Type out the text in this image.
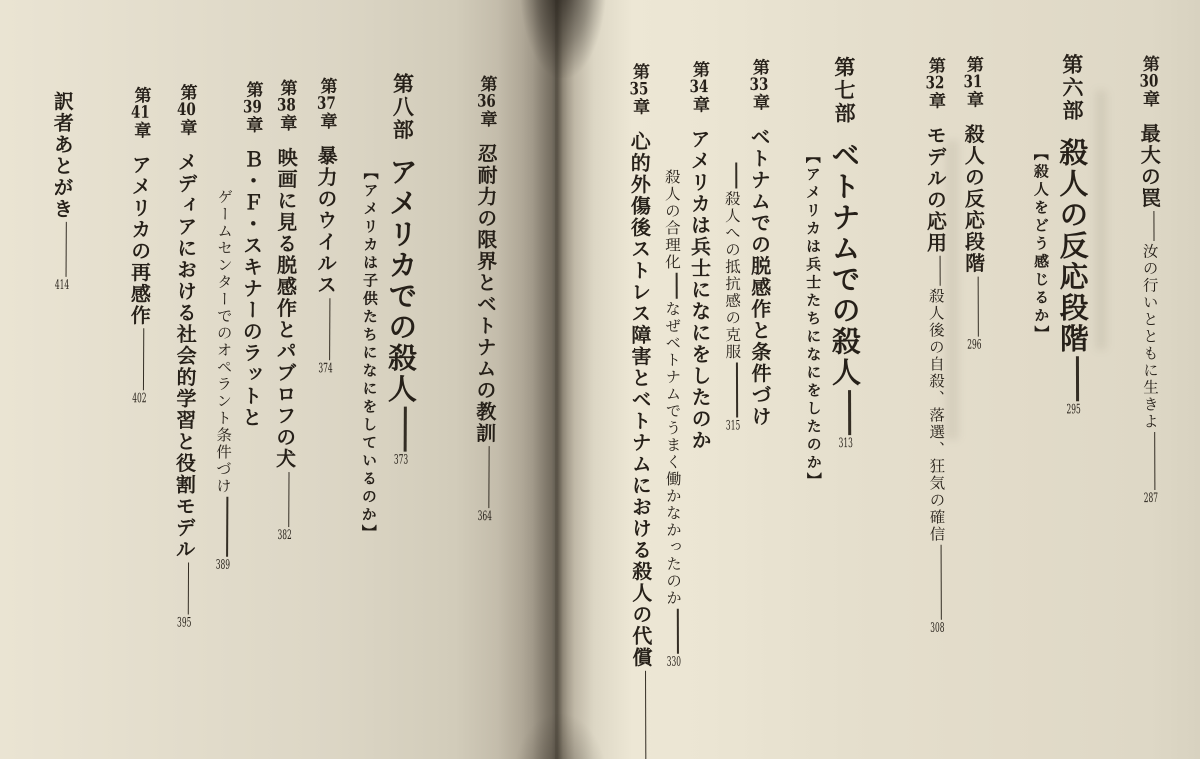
第36章忍耐力の限界とベトナムの教訓364
第八部アメリカでの殺人373
【アメリカは子供たちになにをしているのか】
第37章暴力のウイルス374
第38章映画に見る脱感作とパブロフの犬382
第39章Ｂ・Ｆ・スキナーのラットと
ゲームセンターでのオペラント条件づけ389
第40章メディアにおける社会的学習と役割モデル395
第41章アメリカの再感作402
訳者あとがき414
第30章最大の罠汝の行いとともに生きよ287
第六部殺人の反応段階295
【殺人をどう感じるか】
第31章殺人の反応段階296
第32章モデルの応用殺人後の自殺、落選、狂気の確信308
第七部ベトナムでの殺人313
【アメリカは兵士たちになにをしたのか】
第33章ベトナムでの脱感作と条件づけ
殺人への抵抗感の克服315
第34章アメリカは兵士になにをしたのか
殺人の合理化なぜベトナムでうまく働かなかったのか330
第35章心的外傷後ストレス障害とベトナムにおける殺人の代償
